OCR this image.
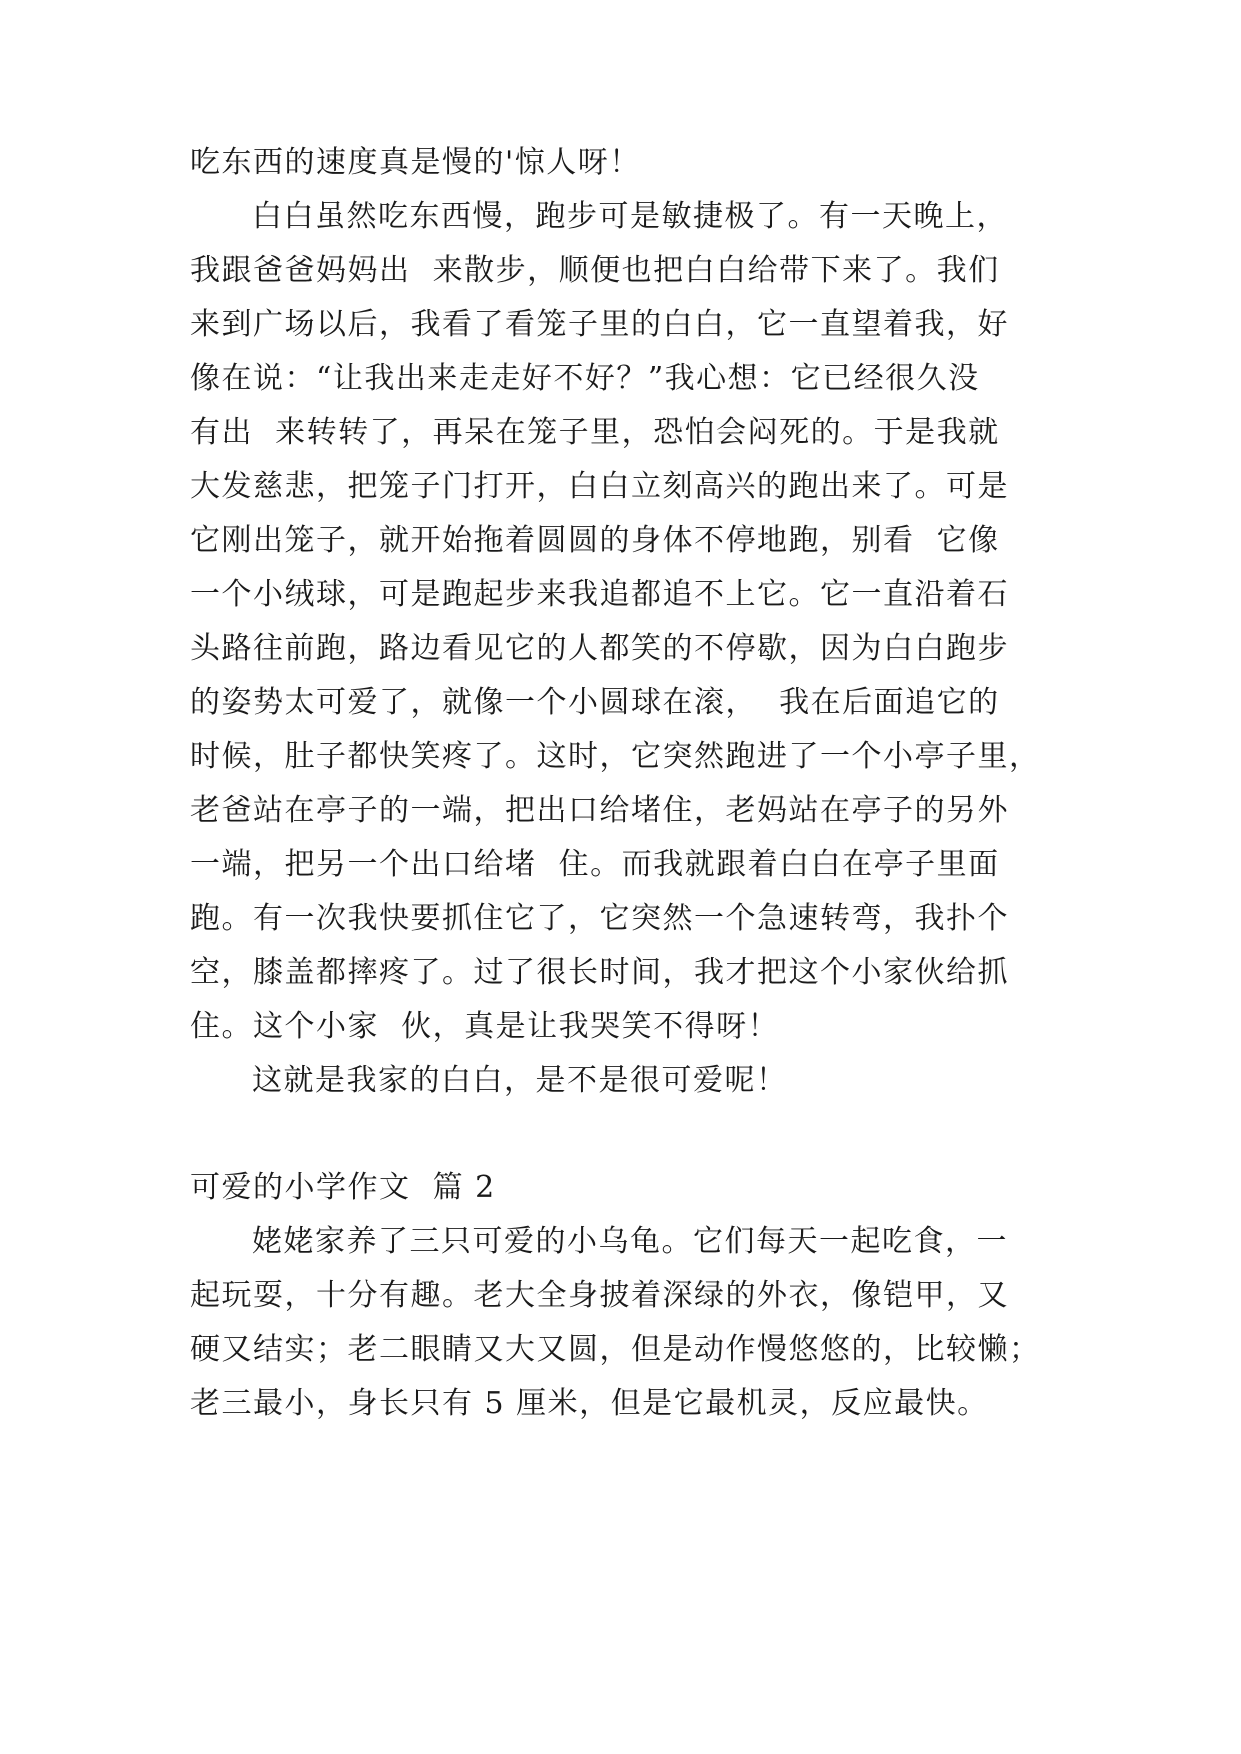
吃东西的速度真是慢的'惊人呀！

白白虽然吃东西慢，跑步可是敏捷极了。有一天晚上，

我跟爸爸妈妈出  来散步，顺便也把白白给带下来了。我们

来到广场以后，我看了看笼子里的白白，它一直望着我，好

像在说：“让我出来走走好不好？”我心想：它已经很久没

有出  来转转了，再呆在笼子里，恐怕会闷死的。于是我就

大发慈悲，把笼子门打开，白白立刻高兴的跑出来了。可是

它刚出笼子，就开始拖着圆圆的身体不停地跑，别看  它像

一个小绒球，可是跑起步来我追都追不上它。它一直沿着石

头路往前跑，路边看见它的人都笑的不停歇，因为白白跑步

的姿势太可爱了，就像一个小圆球在滚，  我在后面追它的

时候，肚子都快笑疼了。这时，它突然跑进了一个小亭子里，

老爸站在亭子的一端，把出口给堵住，老妈站在亭子的另外

一端，把另一个出口给堵  住。而我就跟着白白在亭子里面

跑。有一次我快要抓住它了，它突然一个急速转弯，我扑个

空，膝盖都摔疼了。过了很长时间，我才把这个小家伙给抓

住。这个小家  伙，真是让我哭笑不得呀！

这就是我家的白白，是不是很可爱呢！

可爱的小学作文  篇 2

姥姥家养了三只可爱的小乌龟。它们每天一起吃食，一

起玩耍，十分有趣。老大全身披着深绿的外衣，像铠甲，又

硬又结实；老二眼睛又大又圆，但是动作慢悠悠的，比较懒；

老三最小，身长只有 5 厘米，但是它最机灵，反应最快。
